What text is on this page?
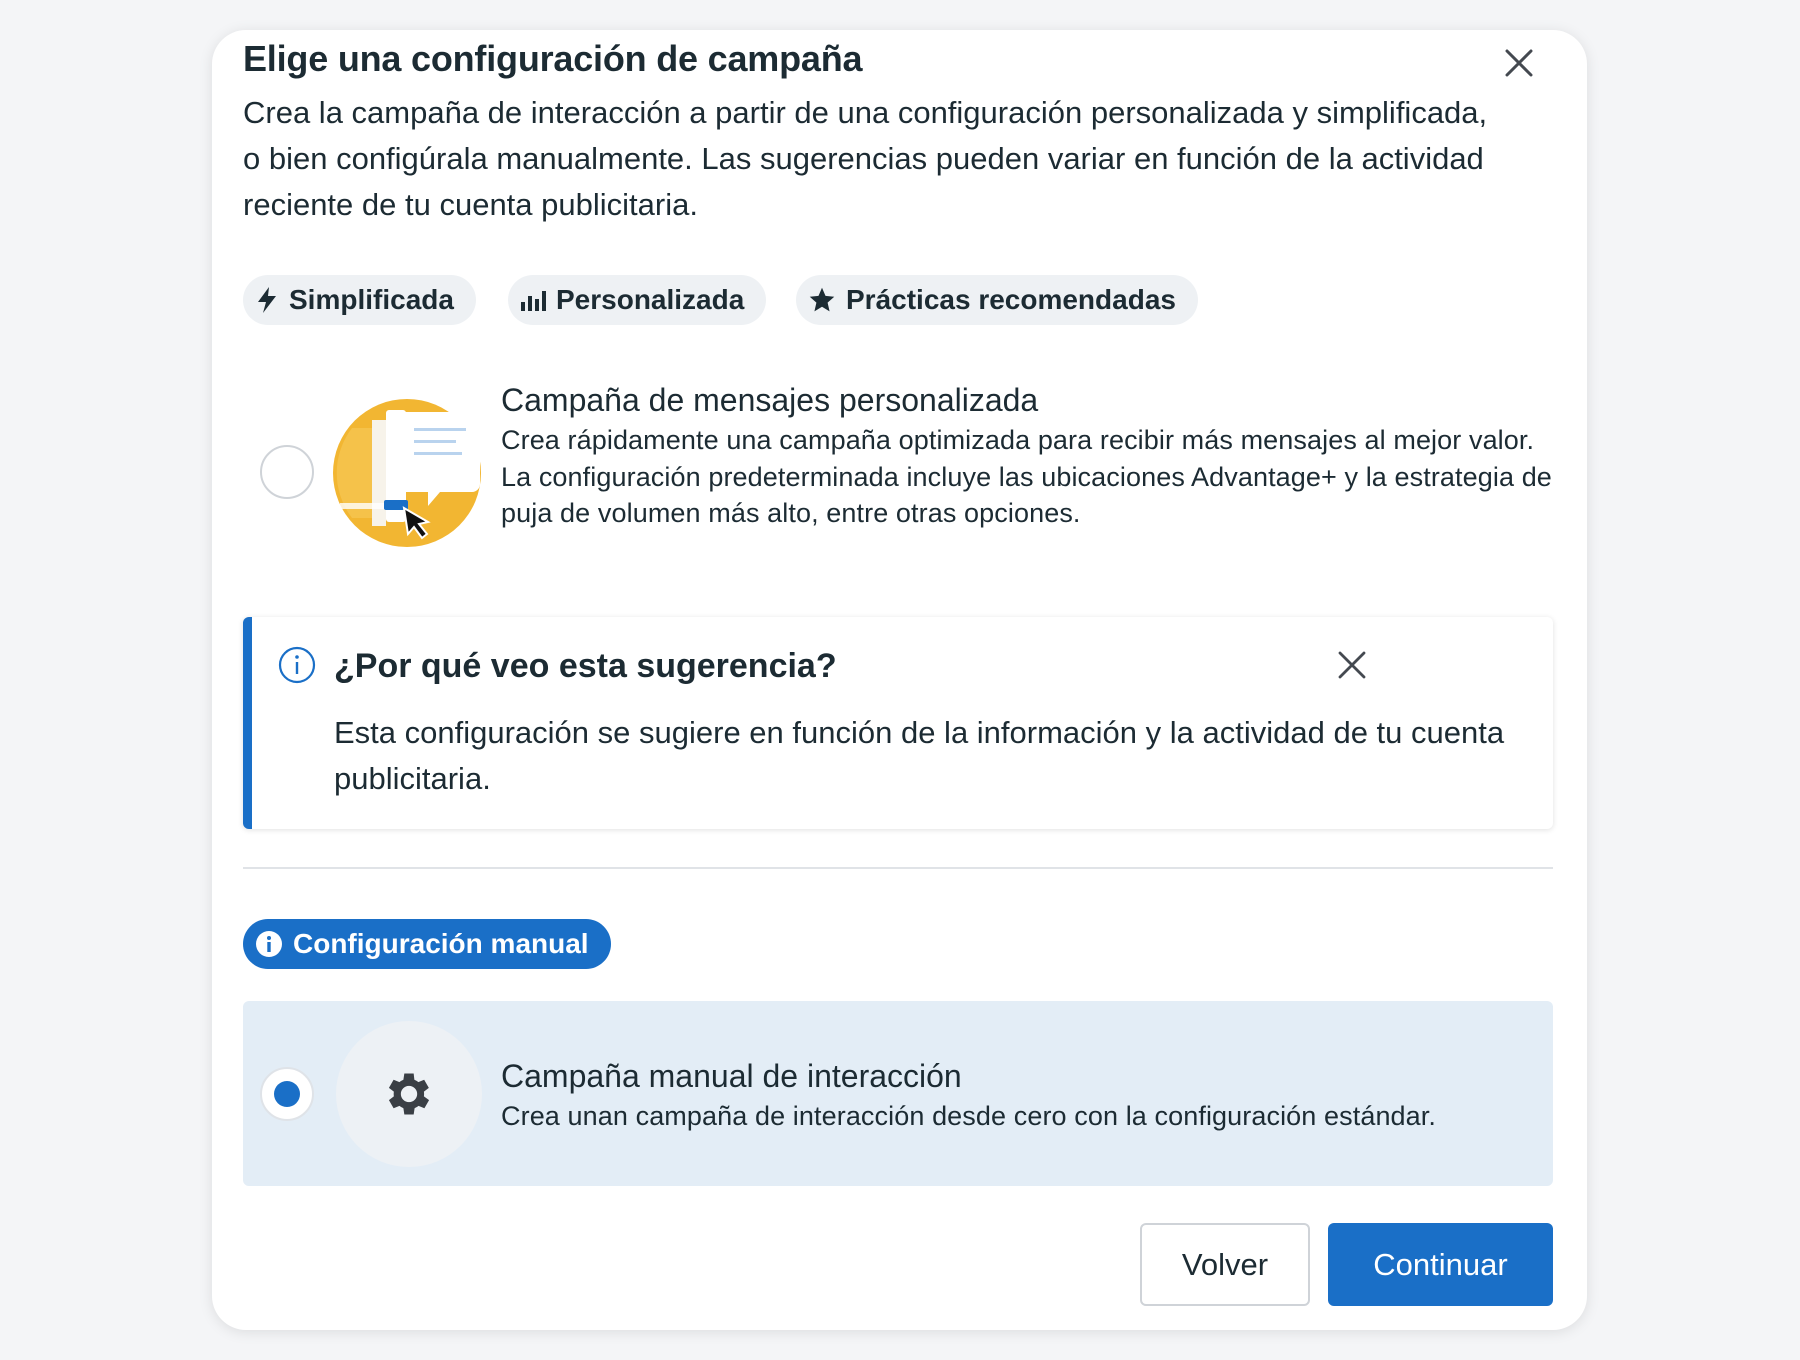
Elige una configuración de campaña
Crea la campaña de interacción a partir de una configuración personalizada y simplificada, o bien configúrala manualmente. Las sugerencias pueden variar en función de la actividad reciente de tu cuenta publicitaria.
Simplificada	Personalizada	Prácticas recomendadas
Campaña de mensajes personalizada
Crea rápidamente una campaña optimizada para recibir más mensajes al mejor valor.
La configuración predeterminada incluye las ubicaciones Advantage+ y la estrategia de puja de volumen más alto, entre otras opciones.
¿Por qué veo esta sugerencia?
Esta configuración se sugiere en función de la información y la actividad de tu cuenta publicitaria.
Configuración manual
Campaña manual de interacción
Crea unan campaña de interacción desde cero con la configuración estándar.
Volver	Continuar
